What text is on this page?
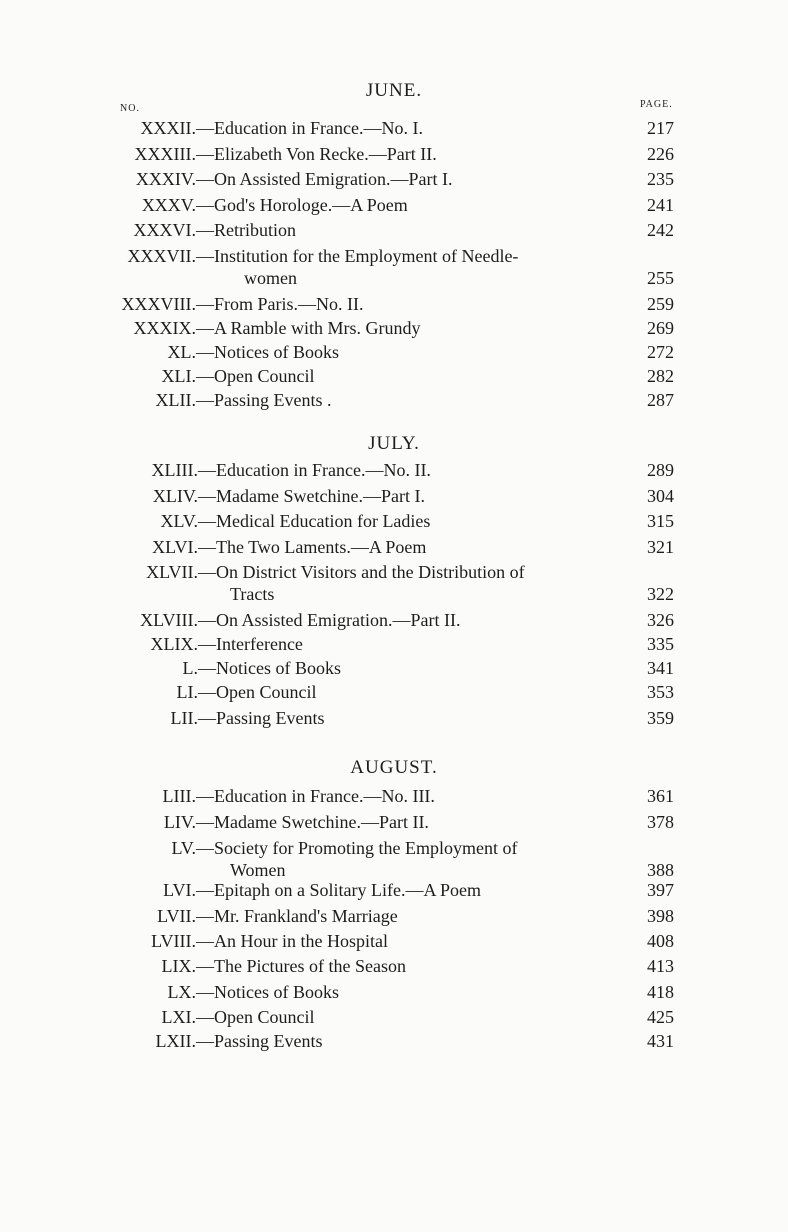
JUNE.
NO.	PAGE.
XXXII. —Education in France.—No. I.	217
XXXIII. —Elizabeth Von Recke.—Part II.	226
XXXIV. —On Assisted Emigration.—Part I.	235
XXXV. —God's Horologe.—A Poem	241
XXXVI. —Retribution	242
XXXVII. —Institution for the Employment of Needle-
women	255
XXXVIII. —From Paris.—No. II.	259
XXXIX. —A Ramble with Mrs. Grundy	269
XL. —Notices of Books	272
XLI. —Open Council	282
XLII. —Passing Events .	287
JULY.
XLIII. —Education in France.—No. II.	289
XLIV. —Madame Swetchine.—Part I.	304
XLV. —Medical Education for Ladies	315
XLVI. —The Two Laments.—A Poem	321
XLVII. —On District Visitors and the Distribution of
Tracts	322
XLVIII. —On Assisted Emigration.—Part II.	326
XLIX. —Interference	335
L. —Notices of Books	341
LI. —Open Council	353
LII. —Passing Events	359
AUGUST.
LIII. —Education in France.—No. III.	361
LIV. —Madame Swetchine.—Part II.	378
LV. —Society for Promoting the Employment of
Women	388
LVI. —Epitaph on a Solitary Life.—A Poem	397
LVII. —Mr. Frankland's Marriage	398
LVIII. —An Hour in the Hospital	408
LIX. —The Pictures of the Season	413
LX. —Notices of Books	418
LXI. —Open Council	425
LXII. —Passing Events	431
